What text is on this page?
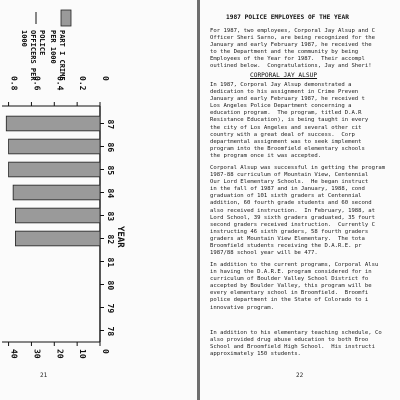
0
10
20
30
40
0
0.2
0.4
0.6
0.8
78
79
80
81
82
83
84
85
86
87
YEAR
PART I CRIME
PER 1000
POLICE
OFFICERS PER
1000
21
1987 POLICE EMPLOYEES OF THE YEAR
For 1987, two employees, Corporal Jay Alsup and C
Officer Sheri Sarno, are being recognized for the
January and early February 1987, he received the
to the Department and the community by being
Employees of the Year for 1987.  Their accompl
outlined below.  Congratulations, Jay and Sheri!
CORPORAL JAY ALSUP
In 1987, Corporal Jay Alsup demonstrated a
dedication to his assignment in Crime Preven
January and early February 1987, he received t
Los Angeles Police Department concerning a
education program.  The program, titled D.A.R
Resistance Education), is being taught in every
the city of Los Angeles and several other cit
country with a great deal of success.  Corp
departmental assignment was to seek implement
program into the Broomfield elementary schools
the program once it was accepted.
Corporal Alsup was successful in getting the program
1987-88 curriculum of Mountain View, Centennial
Our Lord Elementary Schools.  He began instruct
in the fall of 1987 and in January, 1988, cond
graduation of 101 sixth graders at Centennial
addition, 60 fourth grade students and 60 second
also received instruction.  In February, 1988, at
Lord School, 39 sixth graders graduated, 35 fourt
second graders received instruction.  Currently C
instructing 46 sixth graders, 58 fourth graders
graders at Mountain View Elementary.  The tota
Broomfield students receiving the D.A.R.E. pr
1987/88 school year will be 477.
In addition to the current programs, Corporal Alsu
in having the D.A.R.E. program considered for in
curriculum of Boulder Valley School District fo
accepted by Boulder Valley, this program will be
every elementary school in Broomfield.  Broomfi
police department in the State of Colorado to i
innovative program.
In addition to his elementary teaching schedule, Co
also provided drug abuse education to both Broo
School and Broomfield High School.  His instructi
approximately 150 students.
22
